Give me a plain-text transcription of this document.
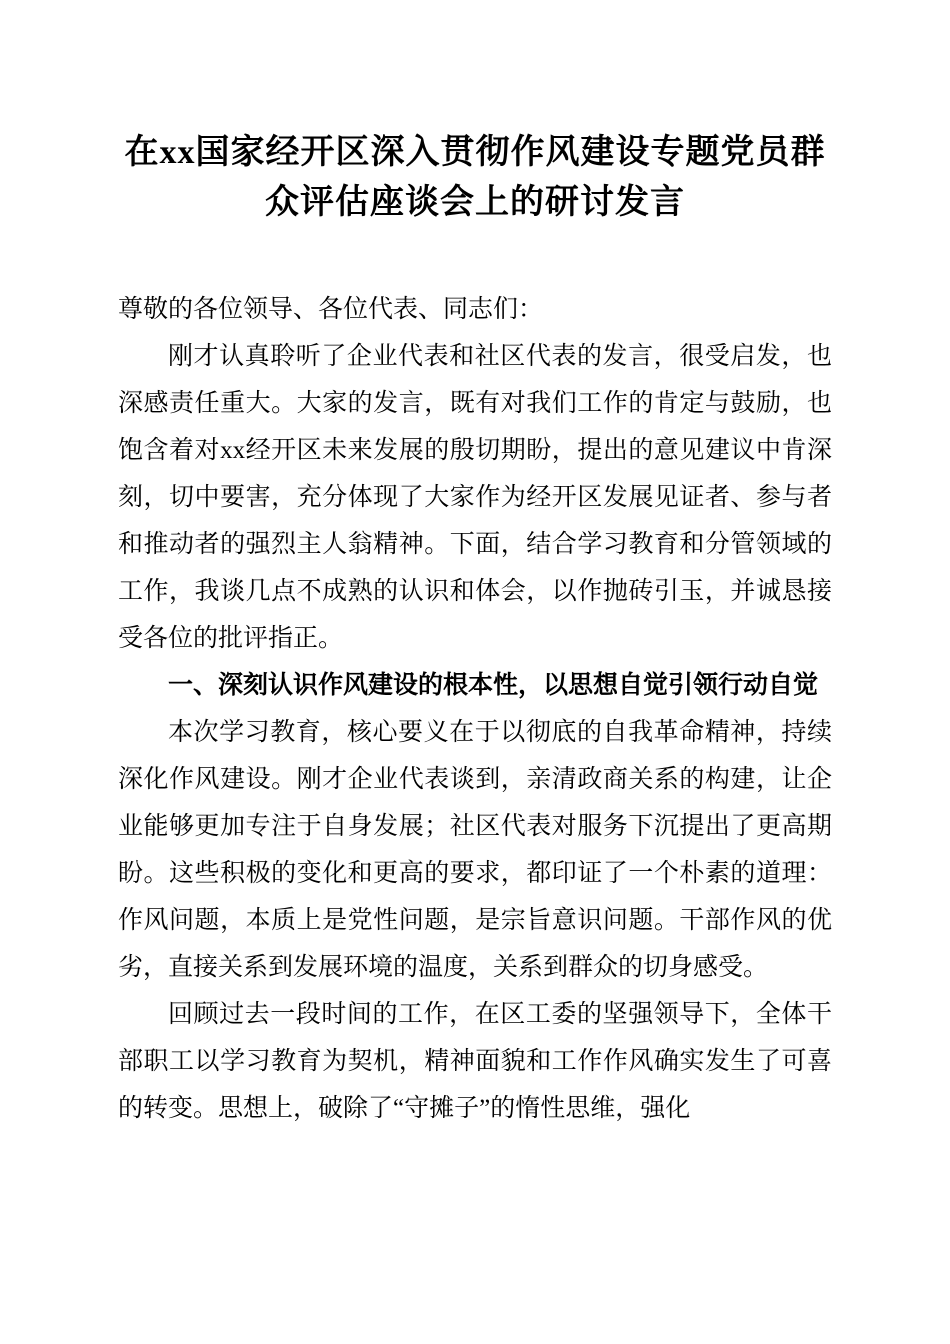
在xx国家经开区深入贯彻作风建设专题党员群众评估座谈会上的研讨发言

尊敬的各位领导、各位代表、同志们：

刚才认真聆听了企业代表和社区代表的发言，很受启发，也深感责任重大。大家的发言，既有对我们工作的肯定与鼓励，也饱含着对xx经开区未来发展的殷切期盼，提出的意见建议中肯深刻，切中要害，充分体现了大家作为经开区发展见证者、参与者和推动者的强烈主人翁精神。下面，结合学习教育和分管领域的工作，我谈几点不成熟的认识和体会，以作抛砖引玉，并诚恳接受各位的批评指正。

一、深刻认识作风建设的根本性，以思想自觉引领行动自觉

本次学习教育，核心要义在于以彻底的自我革命精神，持续深化作风建设。刚才企业代表谈到，亲清政商关系的构建，让企业能够更加专注于自身发展；社区代表对服务下沉提出了更高期盼。这些积极的变化和更高的要求，都印证了一个朴素的道理：作风问题，本质上是党性问题，是宗旨意识问题。干部作风的优劣，直接关系到发展环境的温度，关系到群众的切身感受。

回顾过去一段时间的工作，在区工委的坚强领导下，全体干部职工以学习教育为契机，精神面貌和工作作风确实发生了可喜的转变。思想上，破除了“守摊子”的惰性思维，强化
